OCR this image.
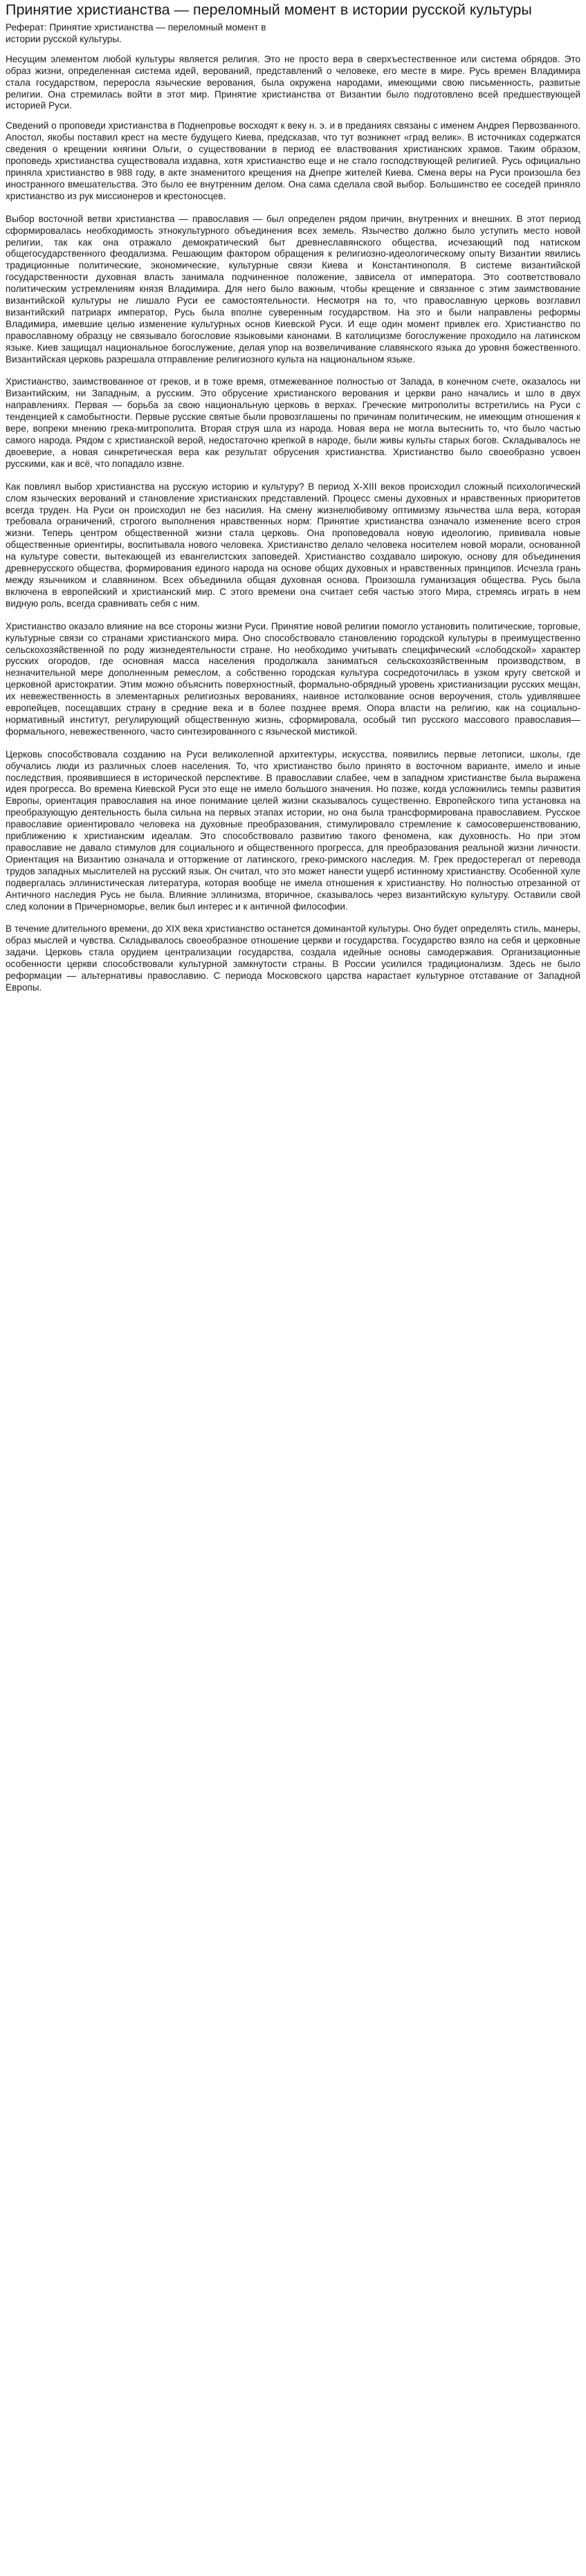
Принятие христианства — переломный момент в истории русской культуры

Реферат: Принятие христианства — переломный момент в истории русской культуры.

Несущим элементом любой культуры является религия. Это не просто вера в сверхъестественное или система обрядов. Это образ жизни, определенная система идей, верований, представлений о человеке, его месте в мире. Русь времен Владимира стала государством, переросла языческие верования, была окружена народами, имеющими свою письменность, развитые религии. Она стремилась войти в этот мир. Принятие христианства от Византии было подготовлено всей предшествующей историей Руси.

Сведений о проповеди христианства в Поднепровье восходят к веку н. э. и в преданиях связаны с именем Андрея Первозванного. Апостол, якобы поставил крест на месте будущего Киева, предсказав, что тут возникнет «град велик». В источниках содержатся сведения о крещении княгини Ольги, о существовании в период ее властвования христианских храмов. Таким образом, проповедь христианства существовала издавна, хотя христианство еще и не стало господствующей религией. Русь официально приняла христианство в 988 году, в акте знаменитого крещения на Днепре жителей Киева. Смена веры на Руси произошла без иностранного вмешательства. Это было ее внутренним делом. Она сама сделала свой выбор. Большинство ее соседей приняло христианство из рук миссионеров и крестоносцев.

Выбор восточной ветви христианства — православия — был определен рядом причин, внутренних и внешних. В этот период сформировалась необходимость этнокультурного объединения всех земель. Язычество должно было уступить место новой религии, так как она отражало демократический быт древнеславянского общества, исчезающий под натиском общегосударственного феодализма. Решающим фактором обращения к религиозно-идеологическому опыту Византии явились традиционные политические, экономические, культурные связи Киева и Константинополя. В системе византийской государственности духовная власть занимала подчиненное положение, зависела от императора. Это соответствовало политическим устремлениям князя Владимира. Для него было важным, чтобы крещение и связанное с этим заимствование византийской культуры не лишало Руси ее самостоятельности. Несмотря на то, что православную церковь возглавил византийский патриарх император, Русь была вполне суверенным государством. На это и были направлены реформы Владимира, имевшие целью изменение культурных основ Киевской Руси. И еще один момент привлек его. Христианство по православному образцу не связывало богословие языковыми канонами. В католицизме богослужение проходило на латинском языке. Киев защищал национальное богослужение, делая упор на возвеличивание славянского языка до уровня божественного. Византийская церковь разрешала отправление религиозного культа на национальном языке.

Христианство, заимствованное от греков, и в тоже время, отмежеванное полностью от Запада, в конечном счете, оказалось ни Византийским, ни Западным, а русским. Это обрусение христианского верования и церкви рано начались и шло в двух направлениях. Первая — борьба за свою национальную церковь в верхах. Греческие митрополиты встретились на Руси с тенденцией к самобытности. Первые русские святые были провозглашены по причинам политическим, не имеющим отношения к вере, вопреки мнению грека-митрополита. Вторая струя шла из народа. Новая вера не могла вытеснить то, что было частью самого народа. Рядом с христианской верой, недостаточно крепкой в народе, были живы культы старых богов. Складывалось не двоеверие, а новая синкретическая вера как результат обрусения христианства. Христианство было своеобразно усвоен русскими, как и всё, что попадало извне.

Как повлиял выбор христианства на русскую историю и культуру? В период X-XIII веков происходил сложный психологический слом языческих верований и становление христианских представлений. Процесс смены духовных и нравственных приоритетов всегда труден. На Руси он происходил не без насилия. На смену жизнелюбивому оптимизму язычества шла вера, которая требовала ограничений, строгого выполнения нравственных норм: Принятие христианства означало изменение всего строя жизни. Теперь центром общественной жизни стала церковь. Она проповедовала новую идеологию, прививала новые общественные ориентиры, воспитывала нового человека. Христианство делало человека носителем новой морали, основанной на культуре совести, вытекающей из евангелистских заповедей. Христианство создавало широкую, основу для объединения древнерусского общества, формирования единого народа на основе общих духовных и нравственных принципов. Исчезла грань между язычником и славянином. Всех объединила общая духовная основа. Произошла гуманизация общества. Русь была включена в европейский и христианский мир. С этого времени она считает себя частью этого Мира, стремясь играть в нем видную роль, всегда сравнивать себя с ним.

Христианство оказало влияние на все стороны жизни Руси. Принятие новой религии помогло установить политические, торговые, культурные связи со странами христианского мира. Оно способствовало становлению городской культуры в преимущественно сельскохозяйственной по роду жизнедеятельности стране. Но необходимо учитывать специфический «слободской» характер русских огородов, где основная масса населения продолжала заниматься сельскохозяйственным производством, в незначительной мере дополненным ремеслом, а собственно городская культура сосредоточилась в узком кругу светской и церковной аристократии. Этим можно объяснить поверхностный, формально-обрядный уровень христианизации русских мещан, их невежественность в элементарных религиозных верованиях, наивное истолкование основ вероучения, столь удивлявшее европейцев, посещавших страну в средние века и в более позднее время. Опора власти на религию, как на социально-нормативный институт, регулирующий общественную жизнь, сформировала, особый тип русского массового православия—формального, невежественного, часто синтезированного с языческой мистикой.

Церковь способствовала созданию на Руси великолепной архитектуры, искусства, появились первые летописи, школы, где обучались люди из различных слоев населения. То, что христианство было принято в восточном варианте, имело и иные последствия, проявившиеся в исторической перспективе. В православии слабее, чем в западном христианстве была выражена идея прогресса. Во времена Киевской Руси это еще не имело большого значения. Но позже, когда усложнились темпы развития Европы, ориентация православия на иное понимание целей жизни сказывалось существенно. Европейского типа установка на преобразующую деятельность была сильна на первых этапах истории, но она была трансформирована православием. Русское православие ориентировало человека на духовные преобразования, стимулировало стремление к самосовершенствованию, приближению к христианским идеалам. Это способствовало развитию такого феномена, как духовность. Но при этом православие не давало стимулов для социального и общественного прогресса, для преобразования реальной жизни личности. Ориентация на Византию означала и отторжение от латинского, греко-римского наследия. М. Грек предостерегал от перевода трудов западных мыслителей на русский язык. Он считал, что это может нанести ущерб истинному христианству. Особенной хуле подвергалась эллинистическая литература, которая вообще не имела отношения к христианству. Но полностью отрезанной от Античного наследия Русь не была. Влияние эллинизма, вторичное, сказывалось через византийскую культуру. Оставили свой след колонии в Причерноморье, велик был интерес и к античной философии.

В течение длительного времени, до XIX века христианство останется доминантой культуры. Оно будет определять стиль, манеры, образ мыслей и чувства. Складывалось своеобразное отношение церкви и государства. Государство взяло на себя и церковные задачи. Церковь стала орудием централизации государства, создала идейные основы самодержавия. Организационные особенности церкви способствовали культурной замкнутости страны. В России усилился традиционализм. Здесь не было реформации — альтернативы православию. С периода Московского царства нарастает культурное отставание от Западной Европы.
